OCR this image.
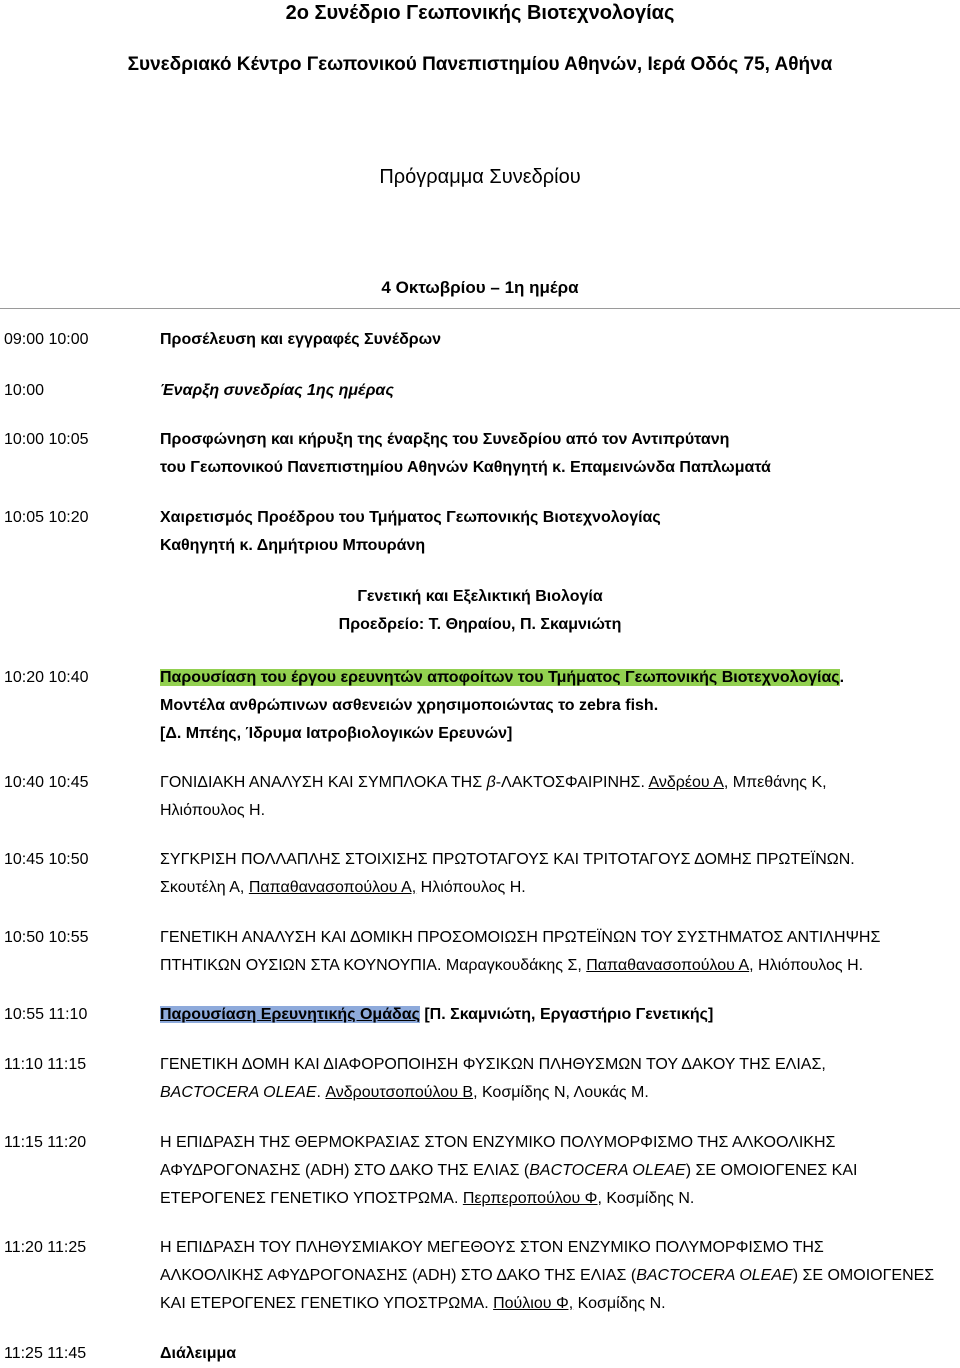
2ο Συνέδριο Γεωπονικής Βιοτεχνολογίας
Συνεδριακό Κέντρο Γεωπονικού Πανεπιστημίου Αθηνών, Ιερά Οδός 75, Αθήνα
Πρόγραμμα Συνεδρίου
4 Οκτωβρίου – 1η ημέρα
09:00 10:00	Προσέλευση και εγγραφές Συνέδρων
10:00	Έναρξη συνεδρίας 1ης ημέρας
10:00 10:05	Προσφώνηση και κήρυξη της έναρξης του Συνεδρίου από τον Αντιπρύτανη
του Γεωπονικού Πανεπιστημίου Αθηνών Καθηγητή κ. Επαμεινώνδα Παπλωματά
10:05 10:20	Χαιρετισμός Προέδρου του Τμήματος Γεωπονικής Βιοτεχνολογίας
Καθηγητή κ. Δημήτριου Μπουράνη
Γενετική και Εξελικτική Βιολογία
Προεδρείο: Τ. Θηραίου, Π. Σκαμνιώτη
10:20 10:40	Παρουσίαση του έργου ερευνητών αποφοίτων του Τμήματος Γεωπονικής Βιοτεχνολογίας.
Μοντέλα ανθρώπινων ασθενειών χρησιμοποιώντας το zebra fish.
[Δ. Μπέης, Ίδρυμα Ιατροβιολογικών Ερευνών]
10:40 10:45	ΓΟΝΙΔΙΑΚΗ ΑΝΑΛΥΣΗ ΚΑΙ ΣΥΜΠΛΟΚΑ ΤΗΣ β-ΛΑΚΤΟΣΦΑΙΡΙΝΗΣ. Ανδρέου Α, Μπεθάνης Κ,
Ηλιόπουλος Η.
10:45 10:50	ΣΥΓΚΡΙΣΗ ΠΟΛΛΑΠΛΗΣ ΣΤΟΙΧΙΣΗΣ ΠΡΩΤΟΤΑΓΟΥΣ ΚΑΙ ΤΡΙΤΟΤΑΓΟΥΣ ΔΟΜΗΣ ΠΡΩΤΕΪΝΩΝ.
Σκουτέλη Α, Παπαθανασοπούλου Α, Ηλιόπουλος Η.
10:50 10:55	ΓΕΝΕΤΙΚΗ ΑΝΑΛΥΣΗ ΚΑΙ ΔΟΜΙΚΗ ΠΡΟΣΟΜΟΙΩΣΗ ΠΡΩΤΕΪΝΩΝ ΤΟΥ ΣΥΣΤΗΜΑΤΟΣ ΑΝΤΙΛΗΨΗΣ
ΠΤΗΤΙΚΩΝ ΟΥΣΙΩΝ ΣΤΑ ΚΟΥΝΟΥΠΙΑ. Μαραγκουδάκης Σ, Παπαθανασοπούλου Α, Ηλιόπουλος Η.
10:55 11:10	Παρουσίαση Ερευνητικής Ομάδας [Π. Σκαμνιώτη, Εργαστήριο Γενετικής]
11:10 11:15	ΓΕΝΕΤΙΚΗ ΔΟΜΗ ΚΑΙ ΔΙΑΦΟΡΟΠΟΙΗΣΗ ΦΥΣΙΚΩΝ ΠΛΗΘΥΣΜΩΝ ΤΟΥ ΔΑΚΟΥ ΤΗΣ ΕΛΙΑΣ,
BACTOCERA OLEAE. Ανδρουτσοπούλου Β, Κοσμίδης Ν, Λουκάς Μ.
11:15 11:20	Η ΕΠΙΔΡΑΣΗ ΤΗΣ ΘΕΡΜΟΚΡΑΣΙΑΣ ΣΤΟΝ ΕΝΖΥΜΙΚΟ ΠΟΛΥΜΟΡΦΙΣΜΟ ΤΗΣ ΑΛΚΟΟΛΙΚΗΣ
ΑΦΥΔΡΟΓΟΝΑΣΗΣ (ADH) ΣΤΟ ΔΑΚΟ ΤΗΣ ΕΛΙΑΣ (BACTOCERA OLEAE) ΣΕ ΟΜΟΙΟΓΕΝΕΣ ΚΑΙ
ΕΤΕΡΟΓΕΝΕΣ ΓΕΝΕΤΙΚΟ ΥΠΟΣΤΡΩΜΑ. Περπεροπούλου Φ, Κοσμίδης Ν.
11:20 11:25	Η ΕΠΙΔΡΑΣΗ ΤΟΥ ΠΛΗΘΥΣΜΙΑΚΟΥ ΜΕΓΕΘΟΥΣ ΣΤΟΝ ΕΝΖΥΜΙΚΟ ΠΟΛΥΜΟΡΦΙΣΜΟ ΤΗΣ
ΑΛΚΟΟΛΙΚΗΣ ΑΦΥΔΡΟΓΟΝΑΣΗΣ (ADH) ΣΤΟ ΔΑΚΟ ΤΗΣ ΕΛΙΑΣ (BACTOCERA OLEAE) ΣΕ ΟΜΟΙΟΓΕΝΕΣ
ΚΑΙ ΕΤΕΡΟΓΕΝΕΣ ΓΕΝΕΤΙΚΟ ΥΠΟΣΤΡΩΜΑ. Πούλιου Φ, Κοσμίδης Ν.
11:25 11:45	Διάλειμμα
